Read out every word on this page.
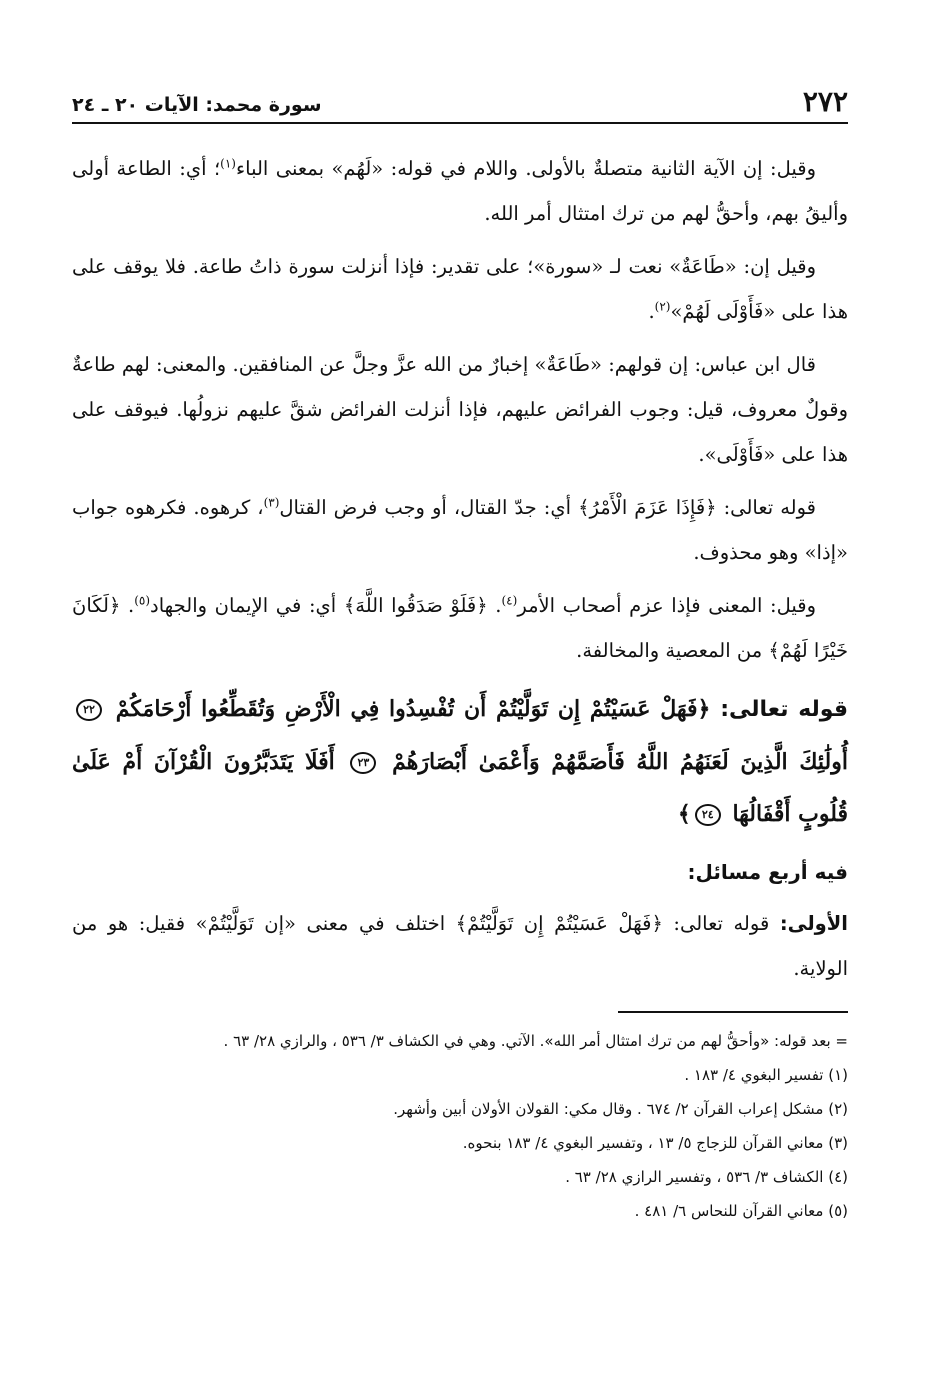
٢٧٢
سورة محمد: الآيات ٢٠ ـ ٢٤

وقيل: إن الآية الثانية متصلةٌ بالأولى. واللام في قوله: «لَهُم» بمعنى الباء$^{(١)}$؛ أي: الطاعة أولى وأليقُ بهم، وأحقُّ لهم من ترك امتثال أمر الله.

وقيل إن: «طَاعَةٌ» نعت لـ «سورة»؛ على تقدير: فإذا أنزلت سورة ذاتُ طاعة. فلا يوقف على هذا على «فَأَوْلَى لَهُمْ»$^{(٢)}$.

قال ابن عباس: إن قولهم: «طَاعَةٌ» إخبارٌ من الله عزَّ وجلَّ عن المنافقين. والمعنى: لهم طاعةٌ وقولٌ معروف، قيل: وجوب الفرائض عليهم، فإذا أنزلت الفرائض شقَّ عليهم نزولُها. فيوقف على هذا على «فَأَوْلَى».

قوله تعالى: ﴿فَإِذَا عَزَمَ الْأَمْرُ﴾ أي: جدّ القتال، أو وجب فرض القتال$^{(٣)}$، كرهوه. فكرهوه جواب «إذا» وهو محذوف.

وقيل: المعنى فإذا عزم أصحاب الأمر$^{(٤)}$. ﴿فَلَوْ صَدَقُوا اللَّهَ﴾ أي: في الإيمان والجهاد$^{(٥)}$. ﴿لَكَانَ خَيْرًا لَهُمْ﴾ من المعصية والمخالفة.

قوله تعالى: ﴿فَهَلْ عَسَيْتُمْ إِن تَوَلَّيْتُمْ أَن تُفْسِدُوا فِي الْأَرْضِ وَتُقَطِّعُوا أَرْحَامَكُمْ ٢٢ أُولَٰئِكَ الَّذِينَ لَعَنَهُمُ اللَّهُ فَأَصَمَّهُمْ وَأَعْمَىٰ أَبْصَارَهُمْ ٢٣ أَفَلَا يَتَدَبَّرُونَ الْقُرْآنَ أَمْ عَلَىٰ قُلُوبٍ أَقْفَالُهَا ٢٤﴾
فيه أربع مسائل:

الأولى: قوله تعالى: ﴿فَهَلْ عَسَيْتُمْ إِن تَوَلَّيْتُمْ﴾ اختلف في معنى «إن تَوَلَّيْتُمْ» فقيل: هو من الولاية.

= بعد قوله: «وأحقُّ لهم من ترك امتثال أمر الله». الآتي. وهي في الكشاف ٣/ ٥٣٦ ، والرازي ٢٨/ ٦٣ .

(١) تفسير البغوي ٤/ ١٨٣ .

(٢) مشكل إعراب القرآن ٢/ ٦٧٤ . وقال مكي: القولان الأولان أبين وأشهر.

(٣) معاني القرآن للزجاج ٥/ ١٣ ، وتفسير البغوي ٤/ ١٨٣ بنحوه.

(٤) الكشاف ٣/ ٥٣٦ ، وتفسير الرازي ٢٨/ ٦٣ .

(٥) معاني القرآن للنحاس ٦/ ٤٨١ .
